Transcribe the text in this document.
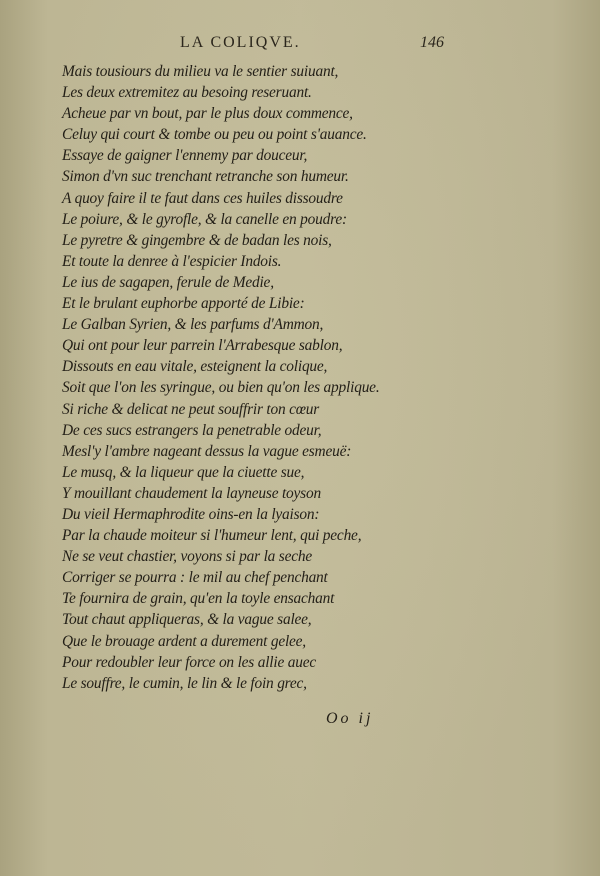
LA COLIQVE.	146
Mais tousiours du milieu va le sentier suiuant,
Les deux extremitez au besoing reseruant.
Acheue par vn bout, par le plus doux commence,
Celuy qui court & tombe ou peu ou point s'auance.
Essaye de gaigner l'ennemy par douceur,
Simon d'vn suc trenchant retranche son humeur.
A quoy faire il te faut dans ces huiles dissoudre
Le poiure, & le gyrofle, & la canelle en poudre:
Le pyretre & gingembre & de badan les nois,
Et toute la denree à l'espicier Indois.
Le ius de sagapen, ferule de Medie,
Et le brulant euphorbe apporté de Libie:
Le Galban Syrien, & les parfums d'Ammon,
Qui ont pour leur parrein l'Arrabesque sablon,
Dissouts en eau vitale, esteignent la colique,
Soit que l'on les syringue, ou bien qu'on les applique.
Si riche & delicat ne peut souffrir ton cœur
De ces sucs estrangers la penetrable odeur,
Mesl'y l'ambre nageant dessus la vague esmeuë:
Le musq, & la liqueur que la ciuette sue,
Y mouillant chaudement la layneuse toyson
Du vieil Hermaphrodite oins-en la lyaison:
Par la chaude moiteur si l'humeur lent, qui peche,
Ne se veut chastier, voyons si par la seche
Corriger se pourra : le mil au chef penchant
Te fournira de grain, qu'en la toyle ensachant
Tout chaut appliqueras, & la vague salee,
Que le brouage ardent a durement gelee,
Pour redoubler leur force on les allie auec
Le souffre, le cumin, le lin & le foin grec,
Oo ij
